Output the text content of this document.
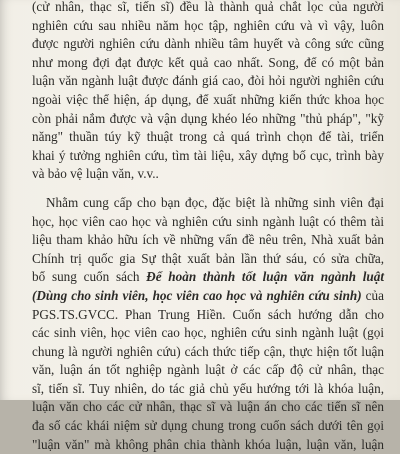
(cử nhân, thạc sĩ, tiến sĩ) đều là thành quả chắt lọc của người
nghiên cứu sau nhiều năm học tập, nghiên cứu và vì vậy, luôn
được người nghiên cứu dành nhiều tâm huyết và công sức cũng
như mong đợi đạt được kết quả cao nhất. Song, để có một bản
luận văn ngành luật được đánh giá cao, đòi hỏi người nghiên cứu
ngoài việc thể hiện, áp dụng, để xuất những kiến thức khoa học
còn phải nắm được và vận dụng khéo léo những "thủ pháp", "kỹ
năng" thuần túy kỹ thuật trong cả quá trình chọn để tài, triển
khai ý tưởng nghiên cứu, tìm tài liệu, xây dựng bố cục, trình bày
và bảo vệ luận văn, v.v..
Nhằm cung cấp cho bạn đọc, đặc biệt là những sinh viên đại
học, học viên cao học và nghiên cứu sinh ngành luật có thêm tài
liệu tham khảo hữu ích về những vấn đề nêu trên, Nhà xuất bản
Chính trị quốc gia Sự thật xuất bản lần thứ sáu, có sửa chữa,
bổ sung cuốn sách Để hoàn thành tốt luận văn ngành luật
(Dùng cho sinh viên, học viên cao học và nghiên cứu sinh) của
PGS.TS.GVCC. Phan Trung Hiền. Cuốn sách hướng dẫn cho
các sinh viên, học viên cao học, nghiên cứu sinh ngành luật (gọi
chung là người nghiên cứu) cách thức tiếp cận, thực hiện tốt luận
văn, luận án tốt nghiệp ngành luật ở các cấp độ cử nhân, thạc
sĩ, tiến sĩ. Tuy nhiên, do tác giả chủ yếu hướng tới là khóa luận,
luận văn cho các cử nhân, thạc sĩ và luận án cho các tiến sĩ nên
đa số các khái niệm sử dụng chung trong cuốn sách dưới tên gọi
"luận văn" mà không phân chia thành khóa luận, luận văn, luận
